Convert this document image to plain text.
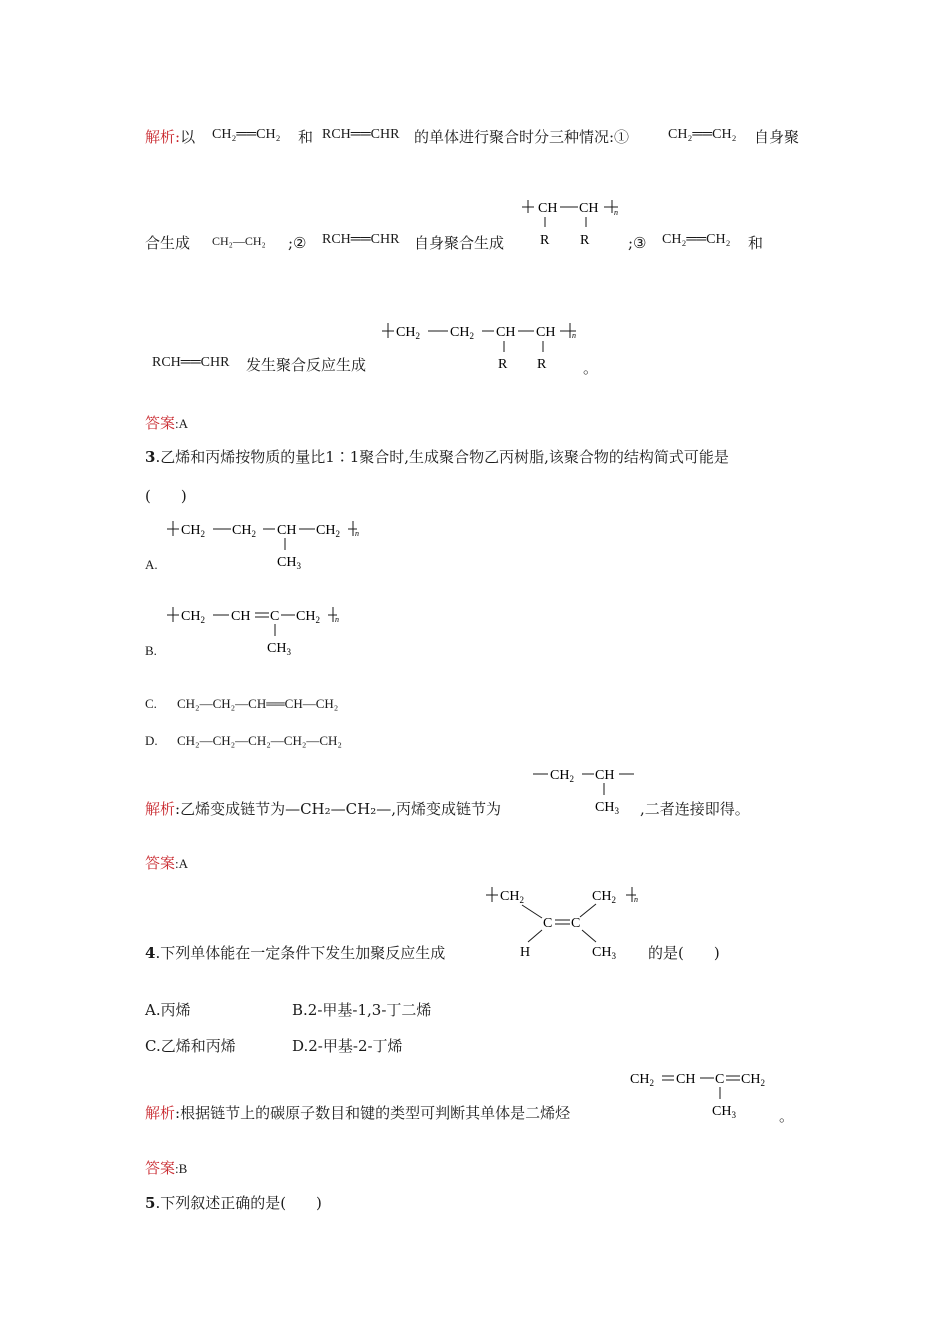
解析:以 CH₂══CH₂ 和 RCH══CHR 的单体进行聚合时分三种情况:①	CH₂══CH₂ 自身聚
合生成 CH₂—CH₂ ;② RCH══CHR 自身聚合生成
CH CH n
R R	;③ CH₂══CH₂ 和
RCH══CHR 发生聚合反应生成
$CH_2$ $CH_2$ CH CH n
R R 。
答案:A
3.乙烯和丙烯按物质的量比1∶1聚合时,生成聚合物乙丙树脂,该聚合物的结构简式可能是
(　　)
A.
$CH_2$ $CH_2$ CH $CH_2$ n
$CH_3$
B.
$CH_2$ CH C $CH_2$ n
$CH_3$
C. CH₂—CH₂—CH══CH—CH₂
D. CH₂—CH₂—CH₂—CH₂—CH₂
解析:乙烯变成链节为—CH₂—CH₂—,丙烯变成链节为
$CH_2$ CH
$CH_3$ ,二者连接即得。
答案:A
4.下列单体能在一定条件下发生加聚反应生成
$CH_2$
C C
$CH_2$ n
H	$CH_3$ 的是(　　)
A.丙烯	B.2-甲基-1,3-丁二烯
C.乙烯和丙烯	D.2-甲基-2-丁烯
解析:根据链节上的碳原子数目和键的类型可判断其单体是二烯烃
$CH_2$ CH C $CH_2$
$CH_3$	。
答案:B
5.下列叙述正确的是(　　)
